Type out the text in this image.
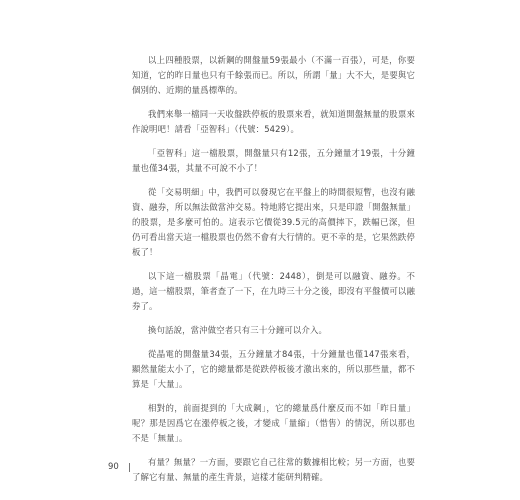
以上四種股票，以新鋼的開盤量59張最小（不滿一百張），可是，你要知道，它的昨日量也只有千餘張而已。所以，所謂「量」大不大，是要與它個別的、近期的量爲標準的。

我們來舉一檔同一天收盤跌停板的股票來看，就知道開盤無量的股票來作說明吧！請看「亞智科」（代號：5429）。

「亞智科」這一檔股票，開盤量只有12張，五分鐘量才19張，十分鐘量也僅34張，其量不可說不小了！

從「交易明細」中，我們可以發現它在平盤上的時間很短暫，也沒有融資、融券，所以無法做當沖交易。特地將它提出來，只是印證「開盤無量」的股票，是多麼可怕的。這表示它價從39.5元的高價摔下，跌幅已深，但仍可看出當天這一檔股票也仍然不會有大行情的。更不幸的是，它果然跌停板了！

以下這一檔股票「晶電」（代號：2448），倒是可以融資、融券。不過，這一檔股票，筆者查了一下，在九時三十分之後，即沒有平盤價可以融券了。

換句話說，當沖做空者只有三十分鐘可以介入。

從晶電的開盤量34張，五分鐘量才84張，十分鐘量也僅147張來看，顯然量能太小了，它的總量都是從跌停板後才激出來的，所以那些量，都不算是「大量」。

相對的，前面提到的「大成鋼」，它的總量爲什麼反而不如「昨日量」呢？那是因爲它在漲停板之後，才變成「量縮」（惜售）的情況，所以那也不是「無量」。

有量？無量？一方面，要跟它自己往常的數據相比較；另一方面，也要了解它有量、無量的產生背景，這樣才能研判精確。

90
